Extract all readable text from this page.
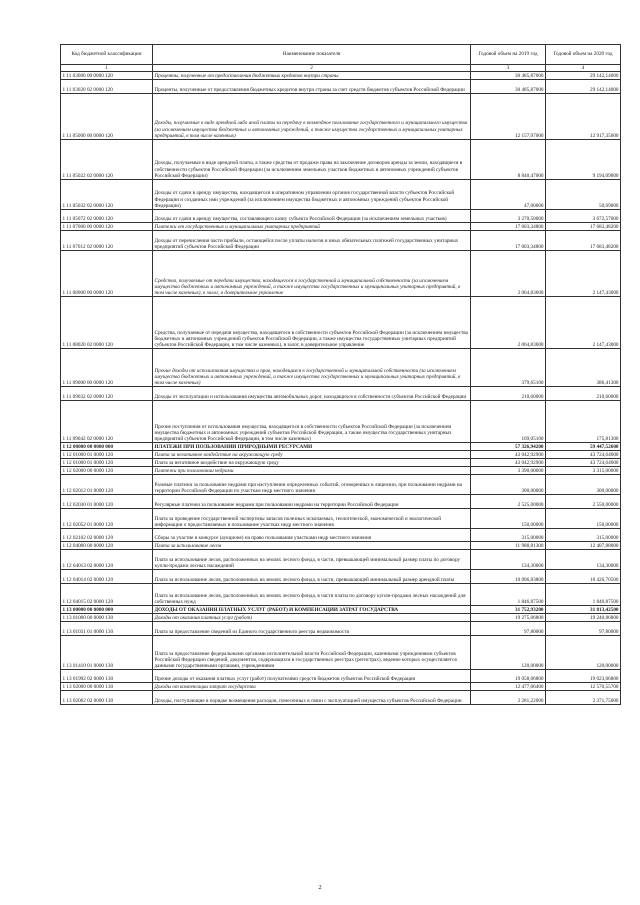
Код бюджетной классификации	Наименование показателя	Годовой объем на 2019 год	Годовой объем на 2020 год
1	2	3	4
1 11 03000 00 0000 120	Проценты, полученные от предоставления бюджетных кредитов внутри страны	30 485,87000	29 142,14000
1 11 03020 02 0000 120	Проценты, полученные от предоставления бюджетных кредитов внутри страны за счет средств бюджетов субъектов Российской Федерации	30 485,87000	29 142,14000
1 11 05000 00 0000 120	Доходы, получаемые в виде арендной либо иной платы за передачу в возмездное пользование государственного и муниципального имущества (за исключением имущества бюджетных и автономных учреждений, а также имущества государственных и муниципальных унитарных предприятий, в том числе казенных)	12 157,97000	12 917,35000
1 11 05022 02 0000 120	Доходы, получаемые в виде арендной платы, а также средства от продажи права на заключение договоров аренды за земли, находящиеся в собственности субъектов Российской Федерации (за исключением земельных участков бюджетных и автономных учреждений субъектов Российской Федерации)	8 840,47000	9 194,09000
1 11 05032 02 0000 120	Доходы от сдачи в аренду имущества, находящегося в оперативном управлении органов государственной власти субъектов Российской Федерации и созданных ими учреждений (за исключением имущества бюджетных и автономных учреждений субъектов Российской Федерации)	47,00000	50,69000
1 11 05072 02 0000 120	Доходы от сдачи в аренду имущества, составляющего казну субъекта Российской Федерации (за исключением земельных участков)	3 270,50000	3 672,57000
1 11 07000 00 0000 120	Платежи от государственных и муниципальных унитарных предприятий	17 003,34800	17 683,48200
1 11 07012 02 0000 120	Доходы от перечисления части прибыли, остающейся после уплаты налогов и иных обязательных платежей государственных унитарных предприятий субъектов Российской Федерации	17 003,34800	17 683,48200
1 11 08000 00 0000 120	Средства, получаемые от передачи имущества, находящегося в государственной и муниципальной собственности (за исключением имущества бюджетных и автономных учреждений, а также имущества государственных и муниципальных унитарных предприятий, в том числе казенных), в залог, в доверительное управление	2 064,83600	2 147,43000
1 11 08020 02 0000 120	Средства, получаемые от передачи имущества, находящегося в собственности субъектов Российской Федерации (за исключением имущества бюджетных и автономных учреждений субъектов Российской Федерации, а также имущества государственных унитарных предприятий субъектов Российской Федерации, в том числе казенных), в залог, в доверительное управление	2 064,83600	2 147,43000
1 11 09000 00 0000 120	Прочие доходы от использования имущества и прав, находящихся в государственной и муниципальной собственности (за исключением имущества бюджетных и автономных учреждений, а также имущества государственных и муниципальных унитарных предприятий, в том числе казенных)	379,65100	386,41300
1 11 09032 02 0000 120	Доходы от эксплуатации и использования имущества автомобильных дорог, находящихся в собственности субъектов Российской Федерации	210,60000	210,60000
1 11 09042 02 0000 120	Прочие поступления от использования имущества, находящегося в собственности субъектов Российской Федерации (за исключением имущества бюджетных и автономных учреждений субъектов Российской Федерации, а также имущества государственных унитарных предприятий субъектов Российской Федерации, в том числе казенных)	169,05100	175,81300
1 12 00000 00 0000 000	ПЛАТЕЖИ ПРИ ПОЛЬЗОВАНИИ ПРИРОДНЫМИ РЕСУРСАМИ	57 326,94200	59 447,52600
1 12 01000 01 0000 120	Плата за негативное воздействие на окружающую среду	43 042,92900	43 724,64600
1 12 01000 01 0000 120	Плата за негативное воздействие на окружающую среду	43 042,92900	43 724,64600
1 12 02000 00 0000 120	Платежи при пользовании недрами	3 390,00000	3 315,00000
1 12 02012 01 0000 120	Разовые платежи за пользование недрами при наступлении определенных событий, оговоренных в лицензии, при пользовании недрами на территории Российской Федерации по участкам недр местного значения	300,00000	300,00000
1 12 02030 01 0000 120	Регулярные платежи за пользование недрами при пользовании недрами на территории Российской Федерации	2 525,00000	2 550,00000
1 12 02052 01 0000 120	Плата за проведение государственной экспертизы запасов полезных ископаемых, геологической, экономической и экологической информации о предоставляемых в пользование участках недр местного значения	150,00000	150,00000
1 12 02102 02 0000 120	Сборы за участие в конкурсе (аукционе) на право пользования участками недр местного значения	315,00000	315,00000
1 12 04000 00 0000 120	Плата за использование лесов	11 988,81300	12 407,88000
1 12 04013 02 0000 120	Плата за использование лесов, расположенных на землях лесного фонда, в части, превышающей минимальный размер платы по договору купли-продажи лесных насаждений	134,30000	134,30000
1 12 04014 02 0000 120	Плата за использование лесов, расположенных на землях лесного фонда, в части, превышающей минимальный размер арендной платы	10 006,83800	10 426,70500
1 12 04015 02 0000 120	Плата за использование лесов, расположенных на землях лесного фонда, в части платы по договору купли-продажи лесных насаждений для собственных нужд	1 846,87500	1 846,87500
1 13 00000 00 0000 000	ДОХОДЫ ОТ ОКАЗАНИЯ ПЛАТНЫХ УСЛУГ (РАБОТ) И КОМПЕНСАЦИИ ЗАТРАТ ГОСУДАРСТВА	31 752,93200	31 813,42500
1 13 01000 00 0000 130	Доходы от оказания платных услуг (работ)	19 275,06800	19 240,86800
1 13 01031 01 0000 130	Плата за предоставление сведений из Единого государственного реестра недвижимости	97,80000	97,80000
1 13 01410 01 0000 130	Плата за предоставление федеральными органами исполнительной власти Российской Федерации, казенными учреждениями субъектов Российской Федерации сведений, документов, содержащихся в государственных реестрах (регистрах), ведение которых осуществляется данными государственными органами, учреждениями	120,00000	120,00000
1 13 01992 02 0000 130	Прочие доходы от оказания платных услуг (работ) получателями средств бюджетов субъектов Российской Федерации	19 058,06800	19 023,06800
1 13 02000 00 0000 130	Доходы от компенсации затрат государства	12 477,06400	12 570,55700
1 13 02062 02 0000 130	Доходы, поступающие в порядке возмещения расходов, понесенных в связи с эксплуатацией имущества субъектов Российской Федерации	2 281,22000	2 371,75000
2
